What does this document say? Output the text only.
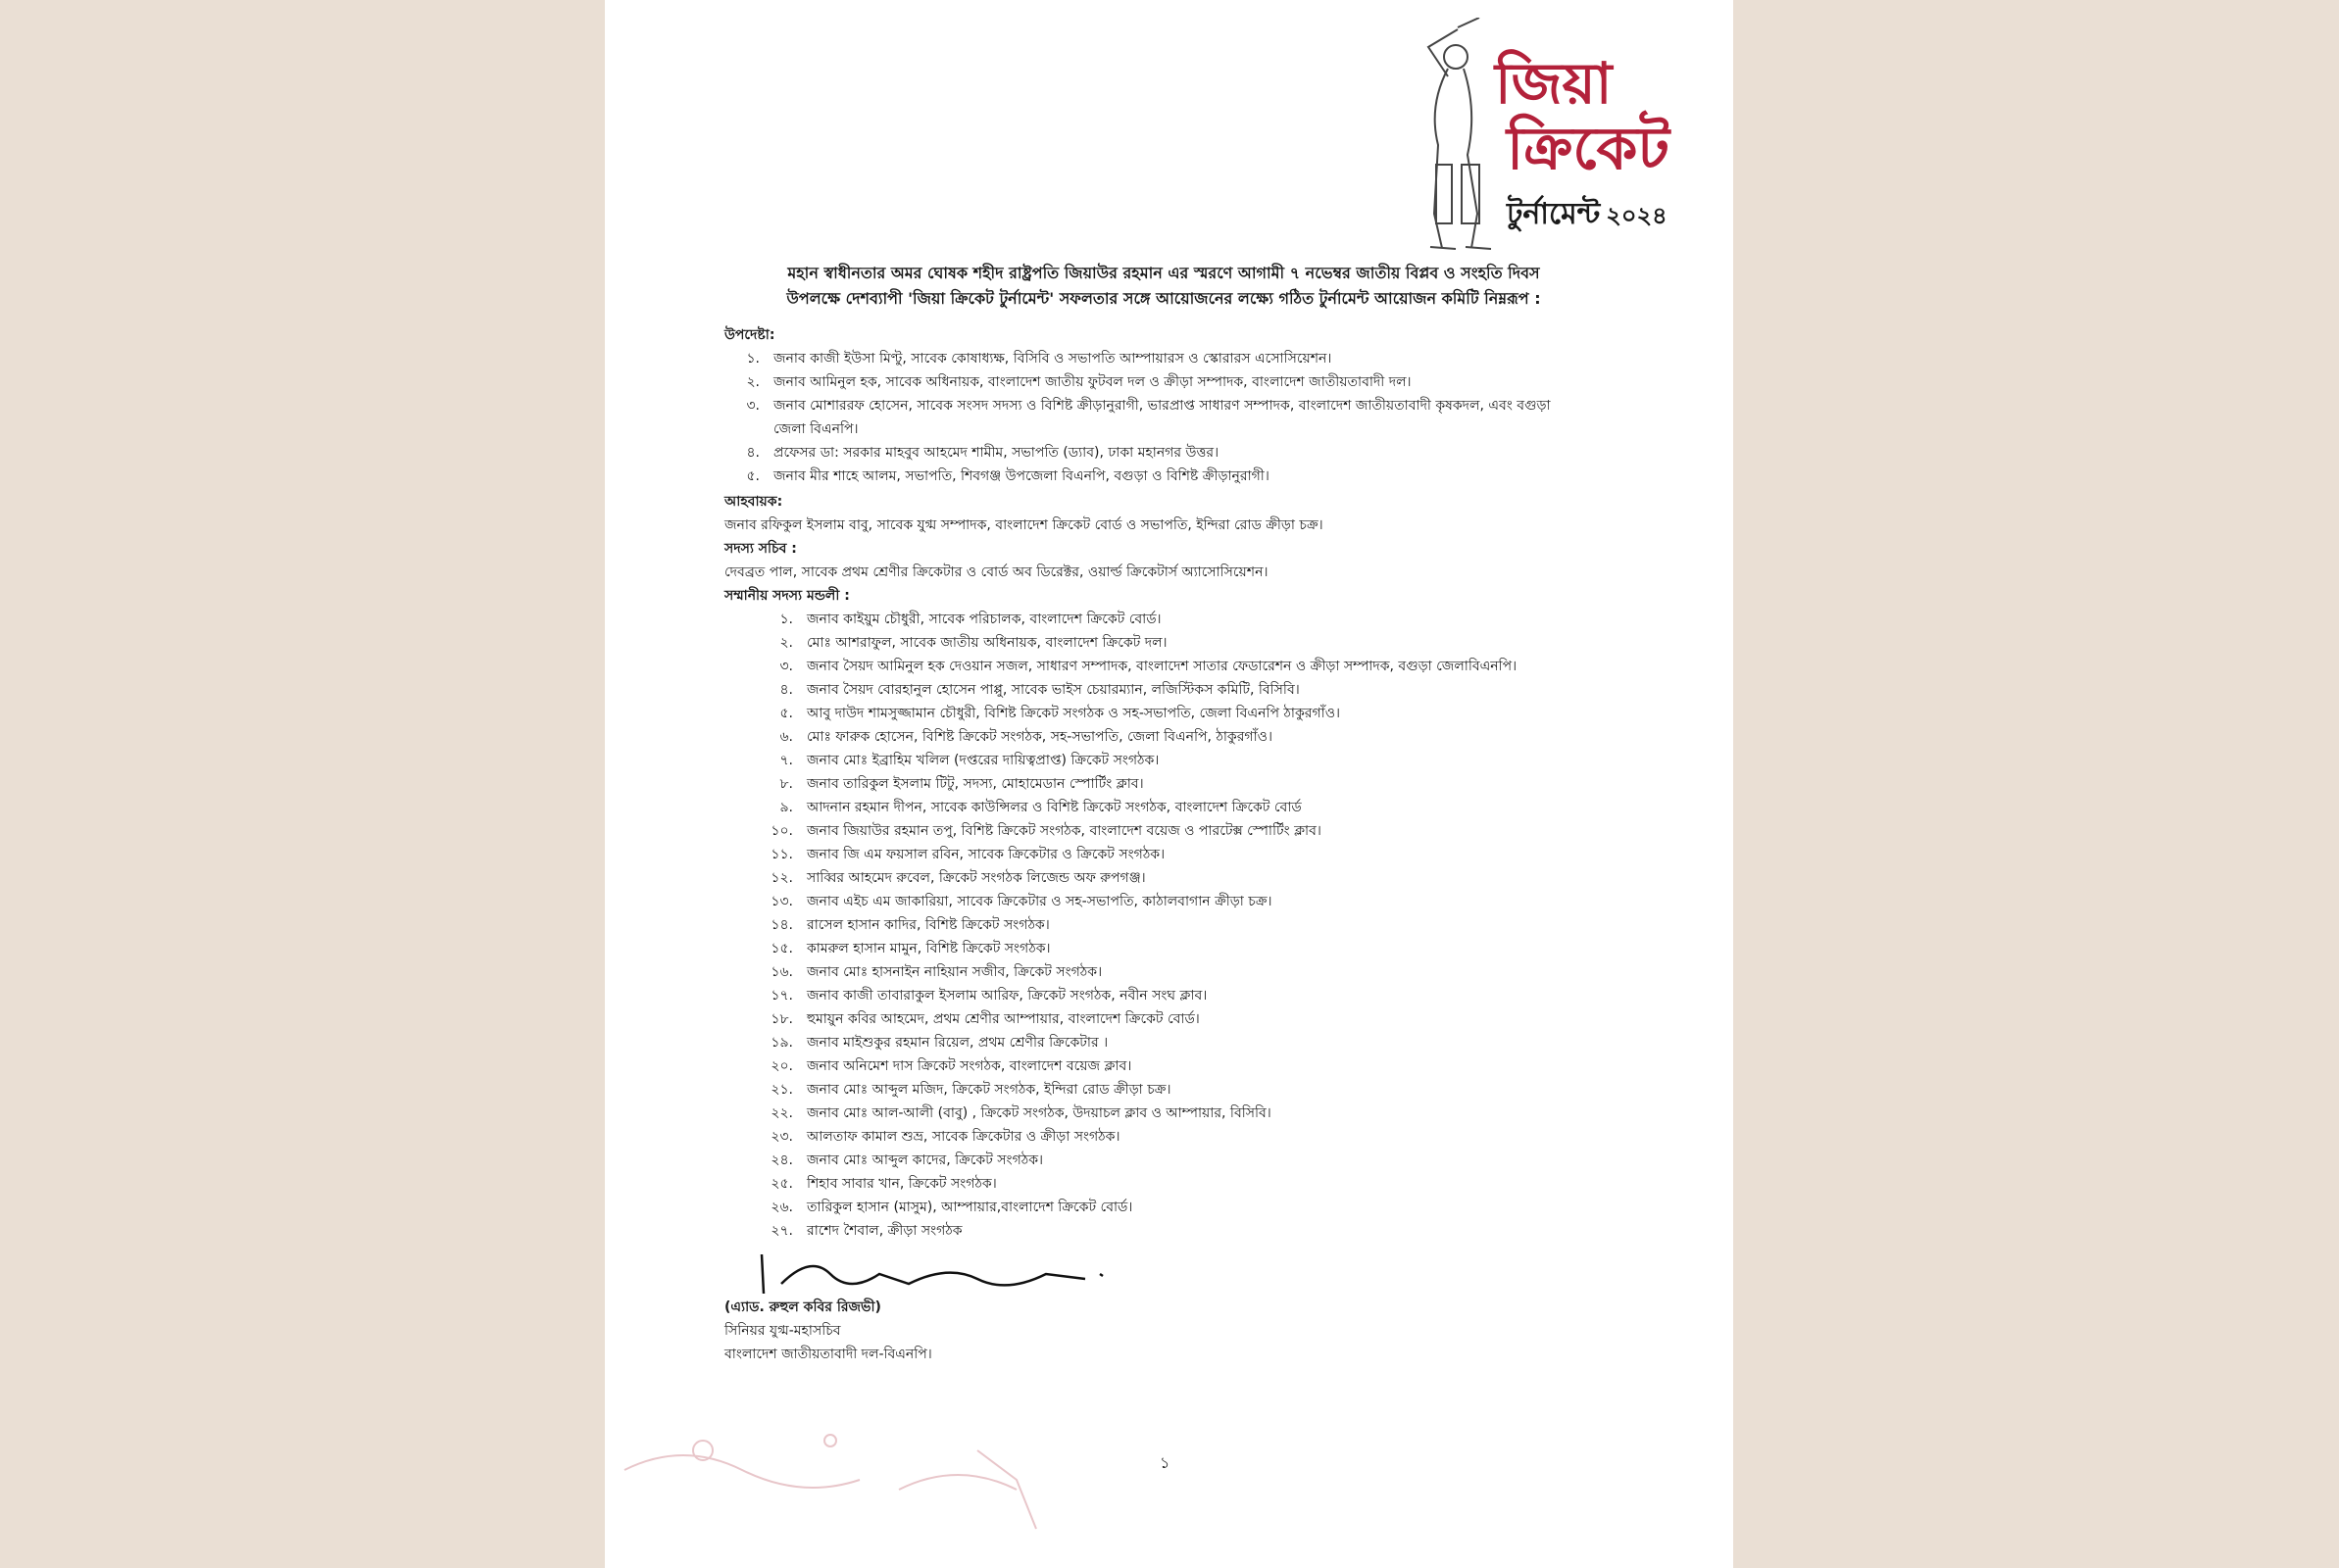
জিয়া
ক্রিকেট
টুর্নামেন্ট ২০২৪
মহান স্বাধীনতার অমর ঘোষক শহীদ রাষ্ট্রপতি জিয়াউর রহমান এর স্মরণে আগামী ৭ নভেম্বর জাতীয় বিপ্লব ও সংহতি দিবস
উপলক্ষে দেশব্যাপী 'জিয়া ক্রিকেট টুর্নামেন্ট' সফলতার সঙ্গে আয়োজনের লক্ষ্যে গঠিত টুর্নামেন্ট আয়োজন কমিটি নিম্নরূপ :
উপদেষ্টা:
১. জনাব কাজী ইউসা মিণ্টু, সাবেক কোষাধ্যক্ষ, বিসিবি ও সভাপতি আম্পায়ারস ও স্কোরারস এসোসিয়েশন।
২. জনাব আমিনুল হক, সাবেক অধিনায়ক, বাংলাদেশ জাতীয় ফুটবল দল ও ক্রীড়া সম্পাদক, বাংলাদেশ জাতীয়তাবাদী দল।
৩. জনাব মোশাররফ হোসেন, সাবেক সংসদ সদস্য ও বিশিষ্ট ক্রীড়ানুরাগী, ভারপ্রাপ্ত সাধারণ সম্পাদক, বাংলাদেশ জাতীয়তাবাদী কৃষকদল, এবং বগুড়া জেলা বিএনপি।
৪. প্রফেসর ডা: সরকার মাহবুব আহমেদ শামীম, সভাপতি (ড্যাব), ঢাকা মহানগর উত্তর।
৫. জনাব মীর শাহে আলম, সভাপতি, শিবগঞ্জ উপজেলা বিএনপি, বগুড়া ও বিশিষ্ট ক্রীড়ানুরাগী।
আহবায়ক:
জনাব রফিকুল ইসলাম বাবু, সাবেক যুগ্ম সম্পাদক, বাংলাদেশ ক্রিকেট বোর্ড ও সভাপতি, ইন্দিরা রোড ক্রীড়া চক্র।
সদস্য সচিব :
দেবব্রত পাল, সাবেক প্রথম শ্রেণীর ক্রিকেটার ও বোর্ড অব ডিরেক্টর, ওয়ার্ল্ড ক্রিকেটার্স অ্যাসোসিয়েশন।
সম্মানীয় সদস্য মন্ডলী :
১. জনাব কাইয়ুম চৌধুরী, সাবেক পরিচালক, বাংলাদেশ ক্রিকেট বোর্ড।
২. মোঃ আশরাফুল, সাবেক জাতীয় অধিনায়ক, বাংলাদেশ ক্রিকেট দল।
৩. জনাব সৈয়দ আমিনুল হক দেওয়ান সজল, সাধারণ সম্পাদক, বাংলাদেশ সাতার ফেডারেশন ও ক্রীড়া সম্পাদক, বগুড়া জেলাবিএনপি।
৪. জনাব সৈয়দ বোরহানুল হোসেন পাপ্পু, সাবেক ভাইস চেয়ারম্যান, লজিস্টিকস কমিটি, বিসিবি।
৫. আবু দাউদ শামসুজ্জামান চৌধুরী, বিশিষ্ট ক্রিকেট সংগঠক ও সহ-সভাপতি, জেলা বিএনপি ঠাকুরগাঁও।
৬. মোঃ ফারুক হোসেন, বিশিষ্ট ক্রিকেট সংগঠক, সহ-সভাপতি, জেলা বিএনপি, ঠাকুরগাঁও।
৭. জনাব মোঃ ইব্রাহিম খলিল (দপ্তরের দায়িত্বপ্রাপ্ত) ক্রিকেট সংগঠক।
৮. জনাব তারিকুল ইসলাম টিটু, সদস্য, মোহামেডান স্পোর্টিং ক্লাব।
৯. আদনান রহমান দীপন, সাবেক কাউন্সিলর ও বিশিষ্ট ক্রিকেট সংগঠক, বাংলাদেশ ক্রিকেট বোর্ড
১০. জনাব জিয়াউর রহমান তপু, বিশিষ্ট ক্রিকেট সংগঠক, বাংলাদেশ বয়েজ ও পারটেক্স স্পোর্টিং ক্লাব।
১১. জনাব জি এম ফয়সাল রবিন, সাবেক ক্রিকেটার ও ক্রিকেট সংগঠক।
১২. সাব্বির আহমেদ রুবেল, ক্রিকেট সংগঠক লিজেন্ড অফ রুপগঞ্জ।
১৩. জনাব এইচ এম জাকারিয়া, সাবেক ক্রিকেটার ও সহ-সভাপতি, কাঠালবাগান ক্রীড়া চক্র।
১৪. রাসেল হাসান কাদির, বিশিষ্ট ক্রিকেট সংগঠক।
১৫. কামরুল হাসান মামুন, বিশিষ্ট ক্রিকেট সংগঠক।
১৬. জনাব মোঃ হাসনাইন নাহিয়ান সজীব, ক্রিকেট সংগঠক।
১৭. জনাব কাজী তাবারাকুল ইসলাম আরিফ, ক্রিকেট সংগঠক, নবীন সংঘ ক্লাব।
১৮. হুমায়ুন কবির আহমেদ, প্রথম শ্রেণীর আম্পায়ার, বাংলাদেশ ক্রিকেট বোর্ড।
১৯. জনাব মাইশুকুর রহমান রিয়েল, প্রথম শ্রেণীর ক্রিকেটার ।
২০. জনাব অনিমেশ দাস ক্রিকেট সংগঠক, বাংলাদেশ বয়েজ ক্লাব।
২১. জনাব মোঃ আব্দুল মজিদ, ক্রিকেট সংগঠক, ইন্দিরা রোড ক্রীড়া চক্র।
২২. জনাব মোঃ আল-আলী (বাবু) , ক্রিকেট সংগঠক, উদয়াচল ক্লাব ও আম্পায়ার, বিসিবি।
২৩. আলতাফ কামাল শুভ্র, সাবেক ক্রিকেটার ও ক্রীড়া সংগঠক।
২৪. জনাব মোঃ আব্দুল কাদের, ক্রিকেট সংগঠক।
২৫. শিহাব সাবার খান, ক্রিকেট সংগঠক।
২৬. তারিকুল হাসান (মাসুম), আম্পায়ার,বাংলাদেশ ক্রিকেট বোর্ড।
২৭. রাশেদ শৈবাল, ক্রীড়া সংগঠক
(এ্যাড. রুহুল কবির রিজভী)
সিনিয়র যুগ্ম-মহাসচিব
বাংলাদেশ জাতীয়তাবাদী দল-বিএনপি।
১
